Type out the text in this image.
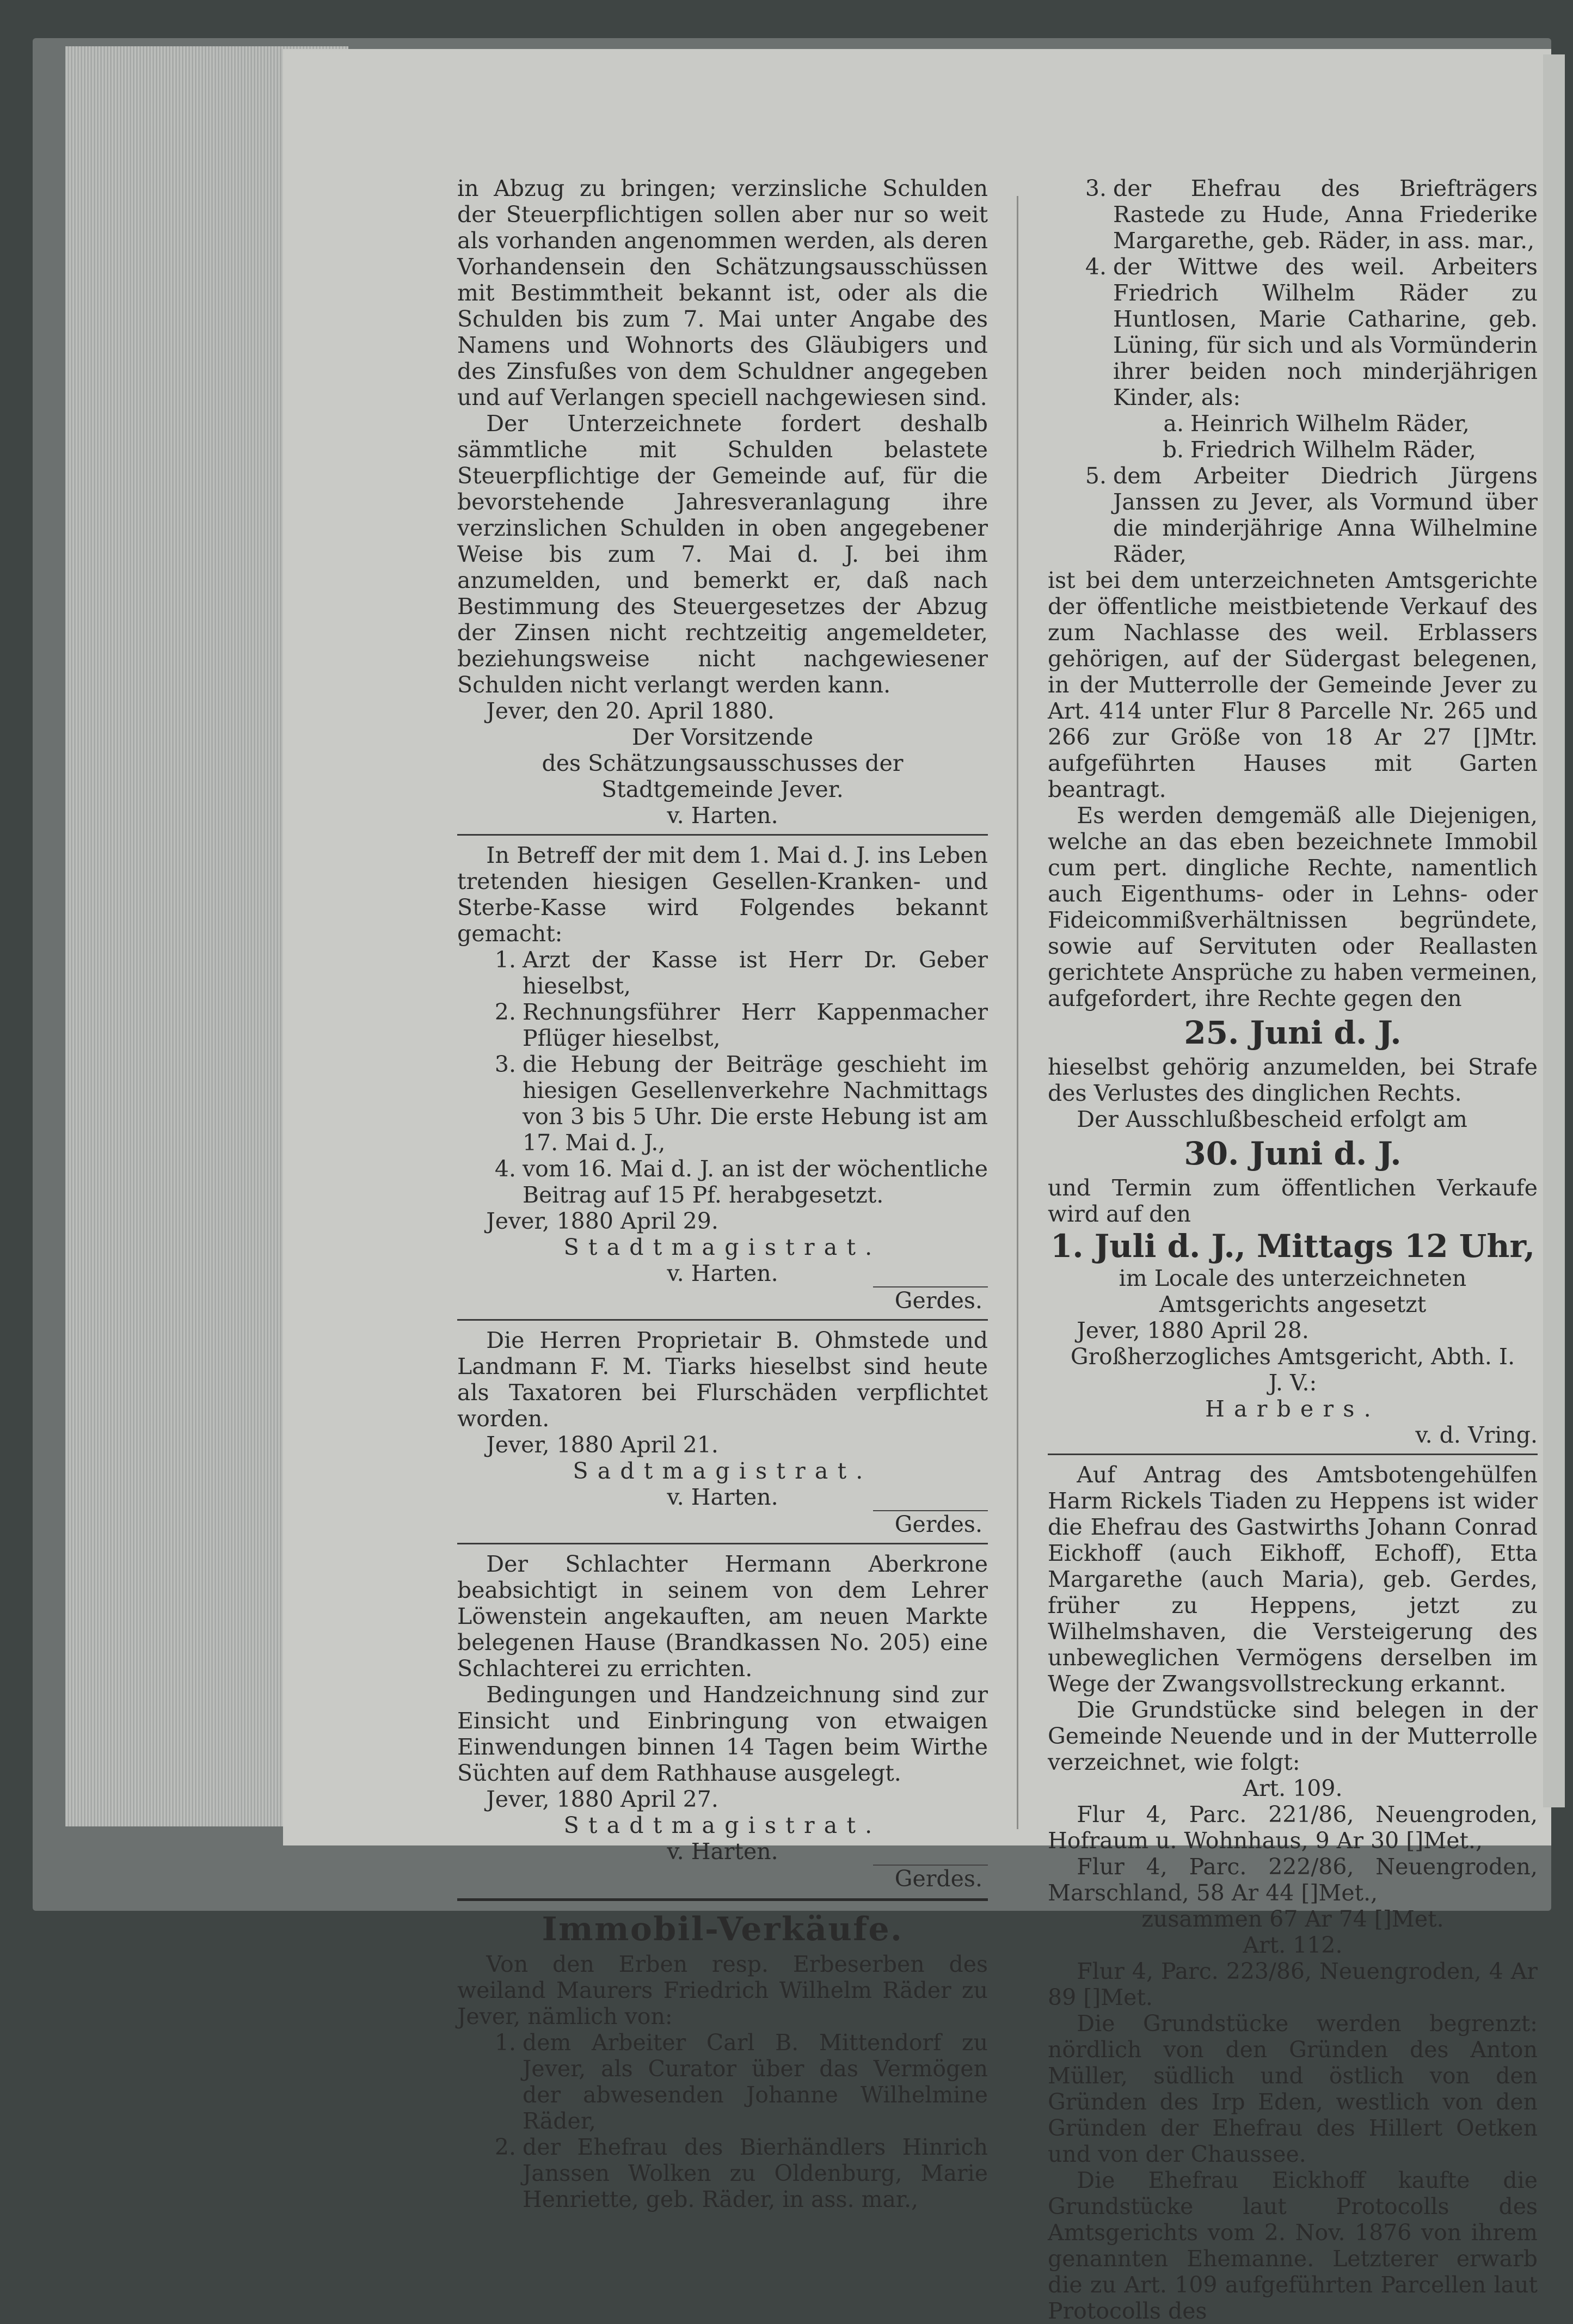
in Abzug zu bringen; verzinsliche Schulden der Steuerpflichtigen sollen aber nur so weit als vorhanden angenommen werden, als deren Vorhandensein den Schätzungsausschüssen mit Bestimmtheit bekannt ist, oder als die Schulden bis zum 7. Mai unter Angabe des Namens und Wohnorts des Gläubigers und des Zinsfußes von dem Schuldner angegeben und auf Verlangen speciell nachgewiesen sind.

Der Unterzeichnete fordert deshalb sämmtliche mit Schulden belastete Steuerpflichtige der Gemeinde auf, für die bevorstehende Jahresveranlagung ihre verzinslichen Schulden in oben angegebener Weise bis zum 7. Mai d. J. bei ihm anzumelden, und bemerkt er, daß nach Bestimmung des Steuergesetzes der Abzug der Zinsen nicht rechtzeitig angemeldeter, beziehungsweise nicht nachgewiesener Schulden nicht verlangt werden kann.

Jever, den 20. April 1880.

Der Vorsitzende

des Schätzungsausschusses der Stadtgemeinde Jever.

v. Harten.

In Betreff der mit dem 1. Mai d. J. ins Leben tretenden hiesigen Gesellen-Kranken- und Sterbe-Kasse wird Folgendes bekannt gemacht:

1. Arzt der Kasse ist Herr Dr. Geber hieselbst,
2. Rechnungsführer Herr Kappenmacher Pflüger hieselbst,
3. die Hebung der Beiträge geschieht im hiesigen Gesellenverkehre Nachmittags von 3 bis 5 Uhr. Die erste Hebung ist am 17. Mai d. J.,
4. vom 16. Mai d. J. an ist der wöchentliche Beitrag auf 15 Pf. herabgesetzt.

Jever, 1880 April 29.

Stadtmagistrat.

v. Harten.

Gerdes.

Die Herren Proprietair B. Ohmstede und Landmann F. M. Tiarks hieselbst sind heute als Taxatoren bei Flurschäden verpflichtet worden.

Jever, 1880 April 21.

Sadtmagistrat.

v. Harten.

Gerdes.

Der Schlachter Hermann Aberkrone beabsichtigt in seinem von dem Lehrer Löwenstein angekauften, am neuen Markte belegenen Hause (Brandkassen No. 205) eine Schlachterei zu errichten.

Bedingungen und Handzeichnung sind zur Einsicht und Einbringung von etwaigen Einwendungen binnen 14 Tagen beim Wirthe Süchten auf dem Rathhause ausgelegt.

Jever, 1880 April 27.

Stadtmagistrat.

v. Harten.

Gerdes.
Immobil-Verkäufe.

Von den Erben resp. Erbeserben des weiland Maurers Friedrich Wilhelm Räder zu Jever, nämlich von:

1. dem Arbeiter Carl B. Mittendorf zu Jever, als Curator über das Vermögen der abwesenden Johanne Wilhelmine Räder,
2. der Ehefrau des Bierhändlers Hinrich Janssen Wolken zu Oldenburg, Marie Henriette, geb. Räder, in ass. mar.,
3. der Ehefrau des Briefträgers Rastede zu Hude, Anna Friederike Margarethe, geb. Räder, in ass. mar.,
4. der Wittwe des weil. Arbeiters Friedrich Wilhelm Räder zu Huntlosen, Marie Catharine, geb. Lüning, für sich und als Vormünderin ihrer beiden noch minderjährigen Kinder, als:
a. Heinrich Wilhelm Räder,
b. Friedrich Wilhelm Räder,
5. dem Arbeiter Diedrich Jürgens Janssen zu Jever, als Vormund über die minderjährige Anna Wilhelmine Räder,

ist bei dem unterzeichneten Amtsgerichte der öffentliche meistbietende Verkauf des zum Nachlasse des weil. Erblassers gehörigen, auf der Südergast belegenen, in der Mutterrolle der Gemeinde Jever zu Art. 414 unter Flur 8 Parcelle Nr. 265 und 266 zur Größe von 18 Ar 27 []Mtr. aufgeführten Hauses mit Garten beantragt.

Es werden demgemäß alle Diejenigen, welche an das eben bezeichnete Immobil cum pert. dingliche Rechte, namentlich auch Eigenthums- oder in Lehns- oder Fideicommißverhältnissen begründete, sowie auf Servituten oder Reallasten gerichtete Ansprüche zu haben vermeinen, aufgefordert, ihre Rechte gegen den

25. Juni d. J.

hieselbst gehörig anzumelden, bei Strafe des Verlustes des dinglichen Rechts.

Der Ausschlußbescheid erfolgt am

30. Juni d. J.

und Termin zum öffentlichen Verkaufe wird auf den

1. Juli d. J., Mittags 12 Uhr,

im Locale des unterzeichneten Amtsgerichts angesetzt

Jever, 1880 April 28.

Großherzogliches Amtsgericht, Abth. I.

J. V.:

Harbers.

v. d. Vring.

Auf Antrag des Amtsbotengehülfen Harm Rickels Tiaden zu Heppens ist wider die Ehefrau des Gastwirths Johann Conrad Eickhoff (auch Eikhoff, Echoff), Etta Margarethe (auch Maria), geb. Gerdes, früher zu Heppens, jetzt zu Wilhelmshaven, die Versteigerung des unbeweglichen Vermögens derselben im Wege der Zwangsvollstreckung erkannt.

Die Grundstücke sind belegen in der Gemeinde Neuende und in der Mutterrolle verzeichnet, wie folgt:

Art. 109.

Flur 4, Parc. 221/86, Neuengroden, Hofraum u. Wohnhaus, 9 Ar 30 []Met.,

Flur 4, Parc. 222/86, Neuengroden, Marschland, 58 Ar 44 []Met.,

zusammen 67 Ar 74 []Met.

Art. 112.

Flur 4, Parc. 223/86, Neuengroden, 4 Ar 89 []Met.

Die Grundstücke werden begrenzt: nördlich von den Gründen des Anton Müller, südlich und östlich von den Gründen des Irp Eden, westlich von den Gründen der Ehefrau des Hillert Oetken und von der Chaussee.

Die Ehefrau Eickhoff kaufte die Grundstücke laut Protocolls des Amtsgerichts vom 2. Nov. 1876 von ihrem genannten Ehemanne. Letzterer erwarb die zu Art. 109 aufgeführten Parcellen laut Protocolls des
